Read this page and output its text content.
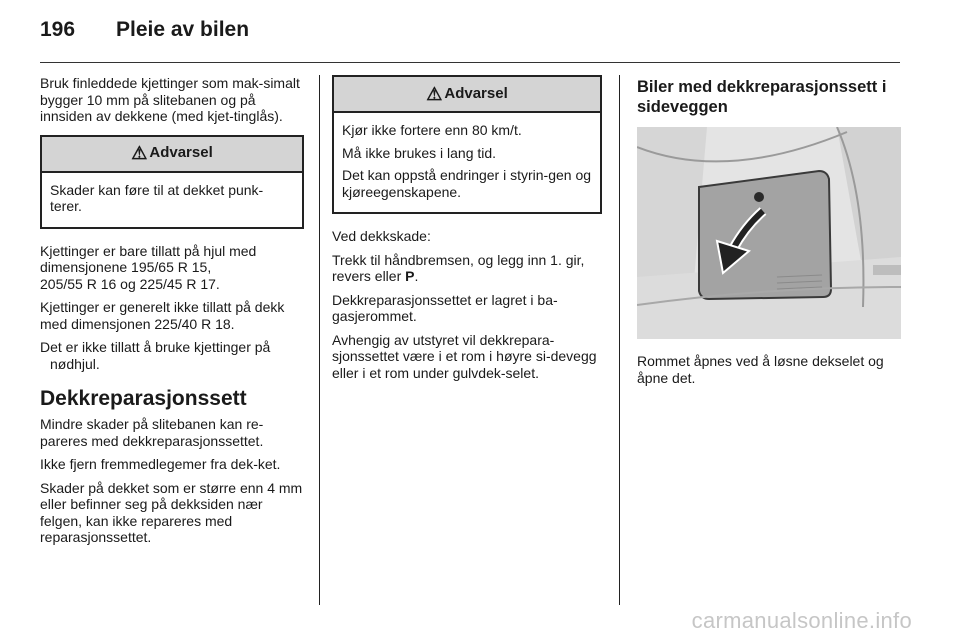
196	Pleie av bilen

Bruk finleddede kjettinger som mak-simalt bygger 10 mm på slitebanen og på innsiden av dekkene (med kjet-tinglås).

⚠ Advarsel

Skader kan føre til at dekket punk-terer.

Kjettinger er bare tillatt på hjul med dimensjonene 195/65 R 15,
205/55 R 16 og 225/45 R 17.

Kjettinger er generelt ikke tillatt på dekk med dimensjonen 225/40 R 18.

Det er ikke tillatt å bruke kjettinger på nødhjul.

Dekkreparasjonssett

Mindre skader på slitebanen kan re-pareres med dekkreparasjonssettet.

Ikke fjern fremmedlegemer fra dek-ket.

Skader på dekket som er større enn 4 mm eller befinner seg på dekksiden nær felgen, kan ikke repareres med reparasjonssettet.

⚠ Advarsel

Kjør ikke fortere enn 80 km/t.

Må ikke brukes i lang tid.

Det kan oppstå endringer i styrin-gen og kjøreegenskapene.

Ved dekkskade:

Trekk til håndbremsen, og legg inn 1. gir, revers eller P.

Dekkreparasjonssettet er lagret i ba-gasjerommet.

Avhengig av utstyret vil dekkrepara-sjonssettet være i et rom i høyre si-devegg eller i et rom under gulvdek-selet.

Biler med dekkreparasjonssett i sideveggen

Rommet åpnes ved å løsne dekselet og åpne det.

carmanualsonline.info
